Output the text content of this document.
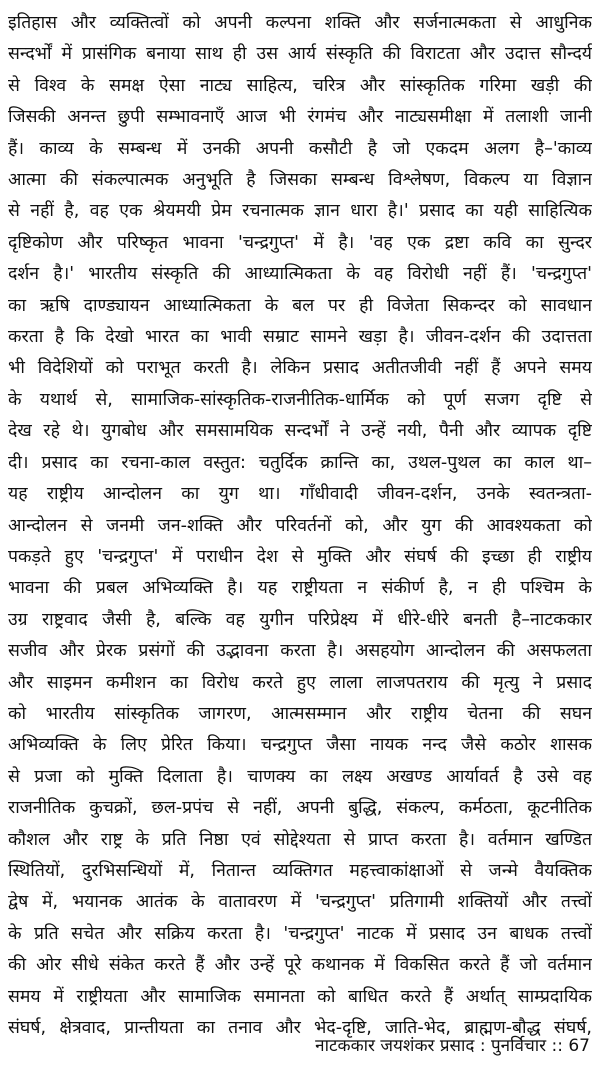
इतिहास और व्यक्तित्वों को अपनी कल्पना शक्ति और सर्जनात्मकता से आधुनिक
सन्दर्भों में प्रासंगिक बनाया साथ ही उस आर्य संस्कृति की विराटता और उदात्त सौन्दर्य
से विश्व के समक्ष ऐसा नाट्य साहित्य, चरित्र और सांस्कृतिक गरिमा खड़ी की
जिसकी अनन्त छुपी सम्भावनाएँ आज भी रंगमंच और नाट्यसमीक्षा में तलाशी जानी
हैं। काव्य के सम्बन्ध में उनकी अपनी कसौटी है जो एकदम अलग है–'काव्य
आत्मा की संकल्पात्मक अनुभूति है जिसका सम्बन्ध विश्लेषण, विकल्प या विज्ञान
से नहीं है, वह एक श्रेयमयी प्रेम रचनात्मक ज्ञान धारा है।' प्रसाद का यही साहित्यिक
दृष्टिकोण और परिष्कृत भावना 'चन्द्रगुप्त' में है। 'वह एक द्रष्टा कवि का सुन्दर
दर्शन है।' भारतीय संस्कृति की आध्यात्मिकता के वह विरोधी नहीं हैं। 'चन्द्रगुप्त'
का ऋषि दाण्ड्यायन आध्यात्मिकता के बल पर ही विजेता सिकन्दर को सावधान
करता है कि देखो भारत का भावी सम्राट सामने खड़ा है। जीवन-दर्शन की उदात्तता
भी विदेशियों को पराभूत करती है। लेकिन प्रसाद अतीतजीवी नहीं हैं अपने समय
के यथार्थ से, सामाजिक-सांस्कृतिक-राजनीतिक-धार्मिक को पूर्ण सजग दृष्टि से
देख रहे थे। युगबोध और समसामयिक सन्दर्भों ने उन्हें नयी, पैनी और व्यापक दृष्टि
दी। प्रसाद का रचना-काल वस्तुत: चतुर्दिक क्रान्ति का, उथल-पुथल का काल था–
यह राष्ट्रीय आन्दोलन का युग था। गाँधीवादी जीवन-दर्शन, उनके स्वतन्त्रता-
आन्दोलन से जनमी जन-शक्ति और परिवर्तनों को, और युग की आवश्यकता को
पकड़ते हुए 'चन्द्रगुप्त' में पराधीन देश से मुक्ति और संघर्ष की इच्छा ही राष्ट्रीय
भावना की प्रबल अभिव्यक्ति है। यह राष्ट्रीयता न संकीर्ण है, न ही पश्चिम के
उग्र राष्ट्रवाद जैसी है, बल्कि वह युगीन परिप्रेक्ष्य में धीरे-धीरे बनती है–नाटककार
सजीव और प्रेरक प्रसंगों की उद्भावना करता है। असहयोग आन्दोलन की असफलता
और साइमन कमीशन का विरोध करते हुए लाला लाजपतराय की मृत्यु ने प्रसाद
को भारतीय सांस्कृतिक जागरण, आत्मसम्मान और राष्ट्रीय चेतना की सघन
अभिव्यक्ति के लिए प्रेरित किया। चन्द्रगुप्त जैसा नायक नन्द जैसे कठोर शासक
से प्रजा को मुक्ति दिलाता है। चाणक्य का लक्ष्य अखण्ड आर्यावर्त है उसे वह
राजनीतिक कुचक्रों, छल-प्रपंच से नहीं, अपनी बुद्धि, संकल्प, कर्मठता, कूटनीतिक
कौशल और राष्ट्र के प्रति निष्ठा एवं सोद्देश्यता से प्राप्त करता है। वर्तमान खण्डित
स्थितियों, दुरभिसन्धियों में, नितान्त व्यक्तिगत महत्त्वाकांक्षाओं से जन्मे वैयक्तिक
द्वेष में, भयानक आतंक के वातावरण में 'चन्द्रगुप्त' प्रतिगामी शक्तियों और तत्त्वों
के प्रति सचेत और सक्रिय करता है। 'चन्द्रगुप्त' नाटक में प्रसाद उन बाधक तत्त्वों
की ओर सीधे संकेत करते हैं और उन्हें पूरे कथानक में विकसित करते हैं जो वर्तमान
समय में राष्ट्रीयता और सामाजिक समानता को बाधित करते हैं अर्थात् साम्प्रदायिक
संघर्ष, क्षेत्रवाद, प्रान्तीयता का तनाव और भेद-दृष्टि, जाति-भेद, ब्राह्मण-बौद्ध संघर्ष,
नाटककार जयशंकर प्रसाद : पुनर्विचार :: 67
